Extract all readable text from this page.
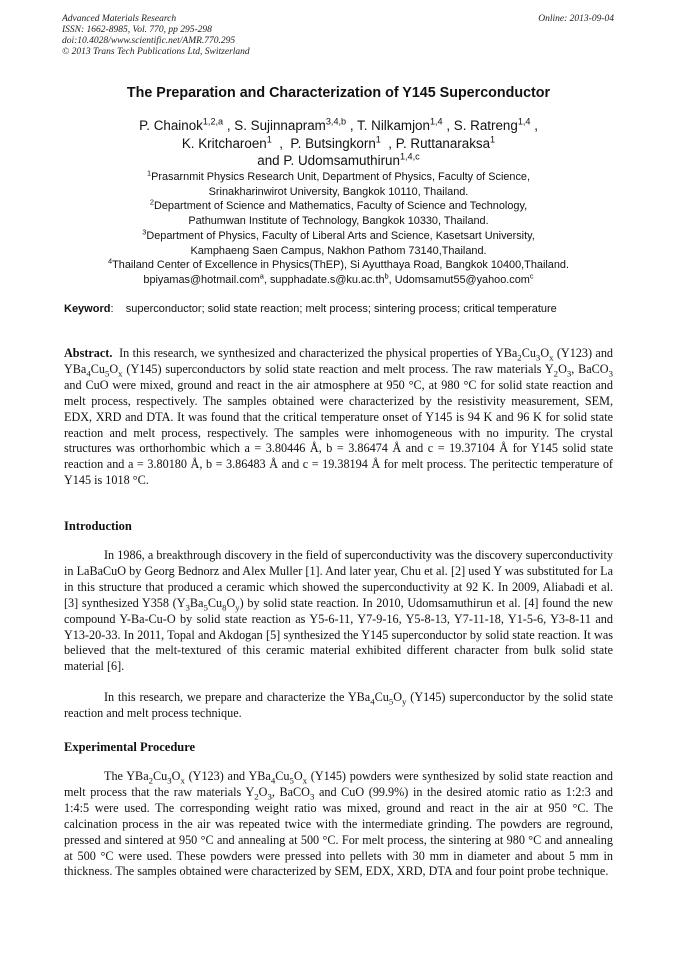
Advanced Materials Research
ISSN: 1662-8985, Vol. 770, pp 295-298
doi:10.4028/www.scientific.net/AMR.770.295
© 2013 Trans Tech Publications Ltd, Switzerland
Online: 2013-09-04
The Preparation and Characterization of Y145 Superconductor
P. Chainok$^{1,2,a}$ , S. Sujinnapram$^{3,4,b}$ , T. Nilkamjon$^{1,4}$ , S. Ratreng$^{1,4}$ ,
K. Kritcharoen$^1$  ,  P. Butsingkorn$^1$  , P. Ruttanaraksa$^1$
and P. Udomsamuthirun$^{1,4,c}$
$^1$Prasarnmit Physics Research Unit, Department of Physics, Faculty of Science,
Srinakharinwirot University, Bangkok 10110, Thailand.
$^2$Department of Science and Mathematics, Faculty of Science and Technology,
Pathumwan Institute of Technology, Bangkok 10330, Thailand.
$^3$Department of Physics, Faculty of Liberal Arts and Science, Kasetsart University,
Kamphaeng Saen Campus, Nakhon Pathom 73140,Thailand.
$^4$Thailand Center of Excellence in Physics(ThEP), Si Ayutthaya Road, Bangkok 10400,Thailand.
bpiyamas@hotmail.com$^a$, $supphadate.s@ku.ac.th^b$, Udomsamut55@yahoo.com$^c$
Keyword:    superconductor; solid state reaction; melt process; sintering process; critical temperature
Abstract. In this research, we synthesized and characterized the physical properties of $YBa_2Cu_3O_x$ (Y123) and $YBa_4Cu_5O_x$ (Y145) superconductors by solid state reaction and melt process. The raw materials $Y_2O_3$, BaCO$_3$ and CuO were mixed, ground and react in the air atmosphere at 950 °C, at 980 °C for solid state reaction and melt process, respectively. The samples obtained were characterized by the resistivity measurement, SEM, EDX, XRD and DTA. It was found that the critical temperature onset of Y145 is 94 K and 96 K for solid state reaction and melt process, respectively. The samples were inhomogeneous with no impurity. The crystal structures was orthorhombic which a = 3.80446 Å, b = 3.86474 Å and c = 19.37104 Å for Y145 solid state reaction and a = 3.80180 Å, b = 3.86483 Å and c = 19.38194 Å for melt process. The peritectic temperature of Y145 is 1018 °C.
Introduction
In 1986, a breakthrough discovery in the field of superconductivity was the discovery superconductivity in LaBaCuO by Georg Bednorz and Alex Muller [1]. And later year, Chu et al. [2] used Y was substituted for La in this structure that produced a ceramic which showed the superconductivity at 92 K. In 2009, Aliabadi et al. [3] synthesized Y358 $(Y_3Ba_5Cu_8O_y)$ by solid state reaction. In 2010, Udomsamuthirun et al. [4] found the new compound Y-Ba-Cu-O by solid state reaction as Y5-6-11, Y7-9-16, Y5-8-13, Y7-11-18, Y1-5-6, Y3-8-11 and Y13-20-33. In 2011, Topal and Akdogan [5] synthesized the Y145 superconductor by solid state reaction. It was believed that the melt-textured of this ceramic material exhibited different character from bulk solid state material [6].
In this research, we prepare and characterize the $YBa_4Cu_5O_y$ (Y145) superconductor by the solid state reaction and melt process technique.
Experimental Procedure
The $YBa_2Cu_3O_x$ (Y123) and $YBa_4Cu_5O_x$ (Y145) powders were synthesized by solid state reaction and melt process that the raw materials $Y_2O_3$, BaCO$_3$ and CuO (99.9%) in the desired atomic ratio as 1:2:3 and 1:4:5 were used. The corresponding weight ratio was mixed, ground and react in the air at 950 °C. The calcination process in the air was repeated twice with the intermediate grinding. The powders are reground, pressed and sintered at 950 °C and annealing at 500 °C. For melt process, the sintering at 980 °C and annealing at 500 °C were used. These powders were pressed into pellets with 30 mm in diameter and about 5 mm in thickness. The samples obtained were characterized by SEM, EDX, XRD, DTA and four point probe technique.
